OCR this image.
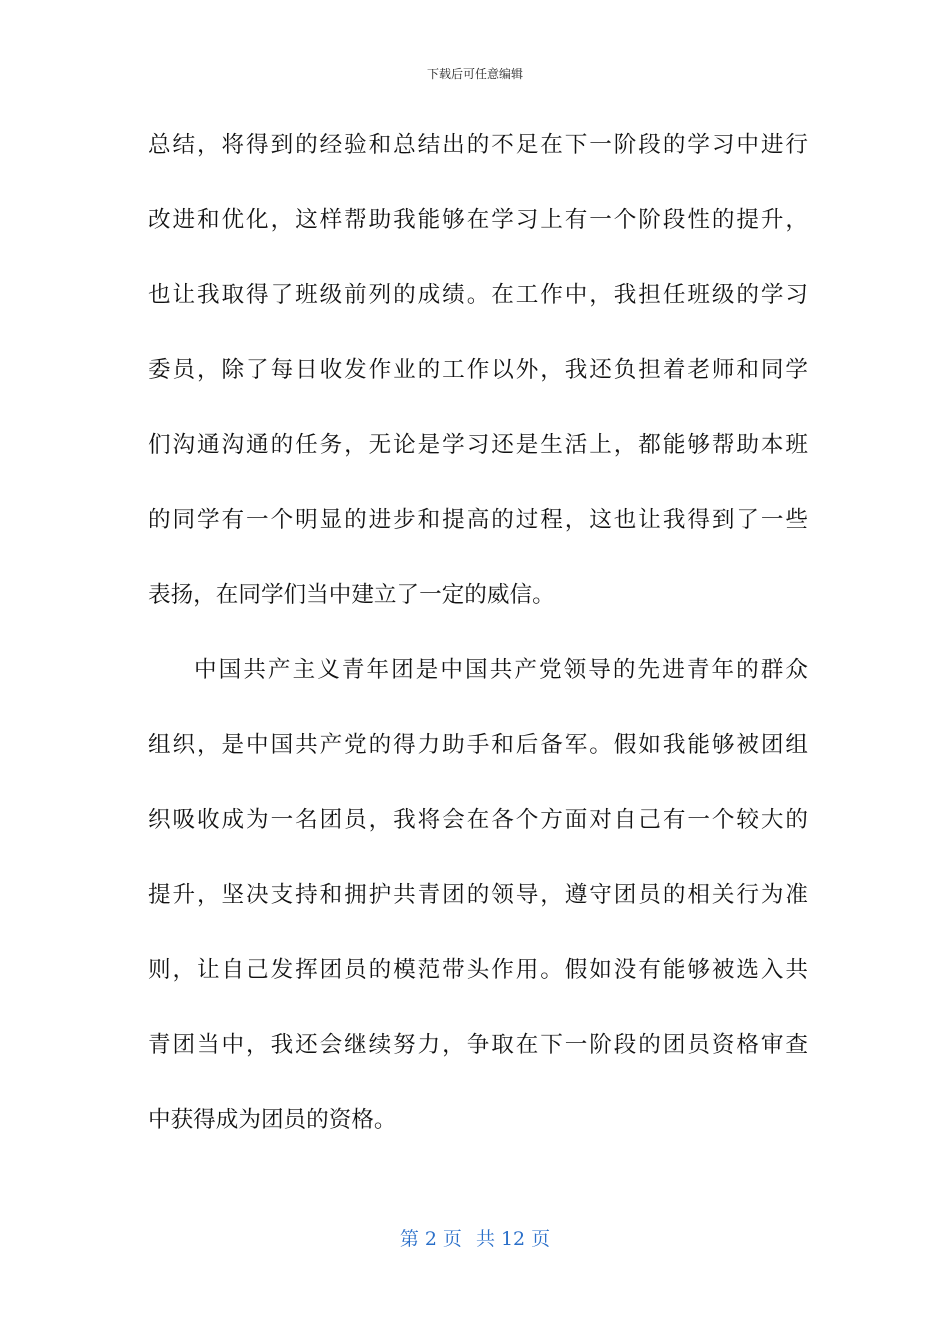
下载后可任意编辑
总结，将得到的经验和总结出的不足在下一阶段的学习中进行
改进和优化，这样帮助我能够在学习上有一个阶段性的提升，
也让我取得了班级前列的成绩。在工作中，我担任班级的学习
委员，除了每日收发作业的工作以外，我还负担着老师和同学
们沟通沟通的任务，无论是学习还是生活上，都能够帮助本班
的同学有一个明显的进步和提高的过程，这也让我得到了一些
表扬，在同学们当中建立了一定的威信。
中国共产主义青年团是中国共产党领导的先进青年的群众
组织，是中国共产党的得力助手和后备军。假如我能够被团组
织吸收成为一名团员，我将会在各个方面对自己有一个较大的
提升，坚决支持和拥护共青团的领导，遵守团员的相关行为准
则，让自己发挥团员的模范带头作用。假如没有能够被选入共
青团当中，我还会继续努力，争取在下一阶段的团员资格审查
中获得成为团员的资格。
第 2 页 共 12 页
